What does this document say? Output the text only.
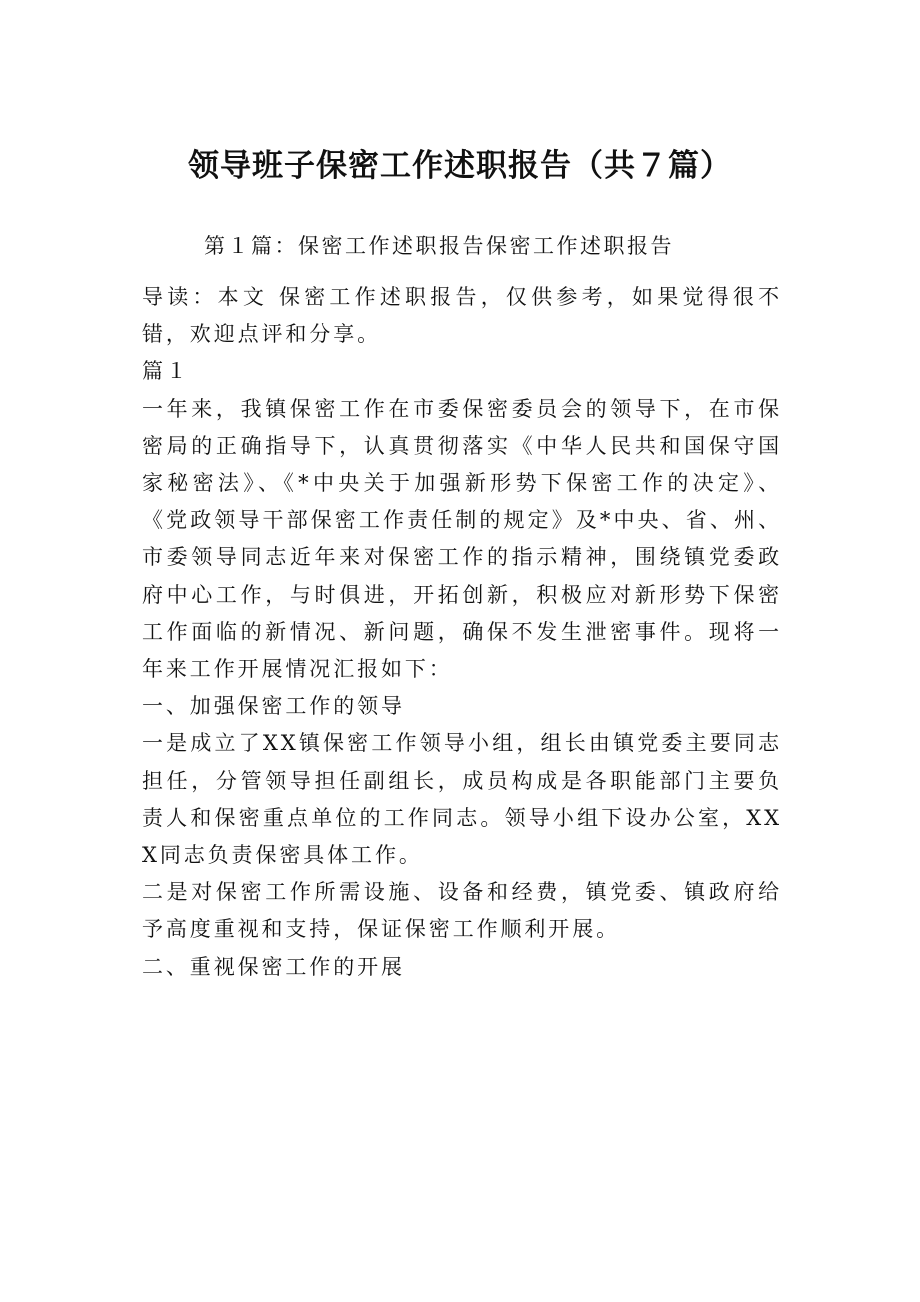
领导班子保密工作述职报告（共７篇）
第１篇：保密工作述职报告保密工作述职报告

导读：本文 保密工作述职报告，仅供参考，如果觉得很不错，欢迎点评和分享。

篇１

一年来，我镇保密工作在市委保密委员会的领导下，在市保密局的正确指导下，认真贯彻落实《中华人民共和国保守国家秘密法》、《*中央关于加强新形势下保密工作的决定》、《党政领导干部保密工作责任制的规定》及*中央、省、州、市委领导同志近年来对保密工作的指示精神，围绕镇党委政府中心工作，与时俱进，开拓创新，积极应对新形势下保密工作面临的新情况、新问题，确保不发生泄密事件。现将一年来工作开展情况汇报如下：

一、加强保密工作的领导

一是成立了XX镇保密工作领导小组，组长由镇党委主要同志担任，分管领导担任副组长，成员构成是各职能部门主要负责人和保密重点单位的工作同志。领导小组下设办公室，XXX同志负责保密具体工作。

二是对保密工作所需设施、设备和经费，镇党委、镇政府给予高度重视和支持，保证保密工作顺利开展。

二、重视保密工作的开展
